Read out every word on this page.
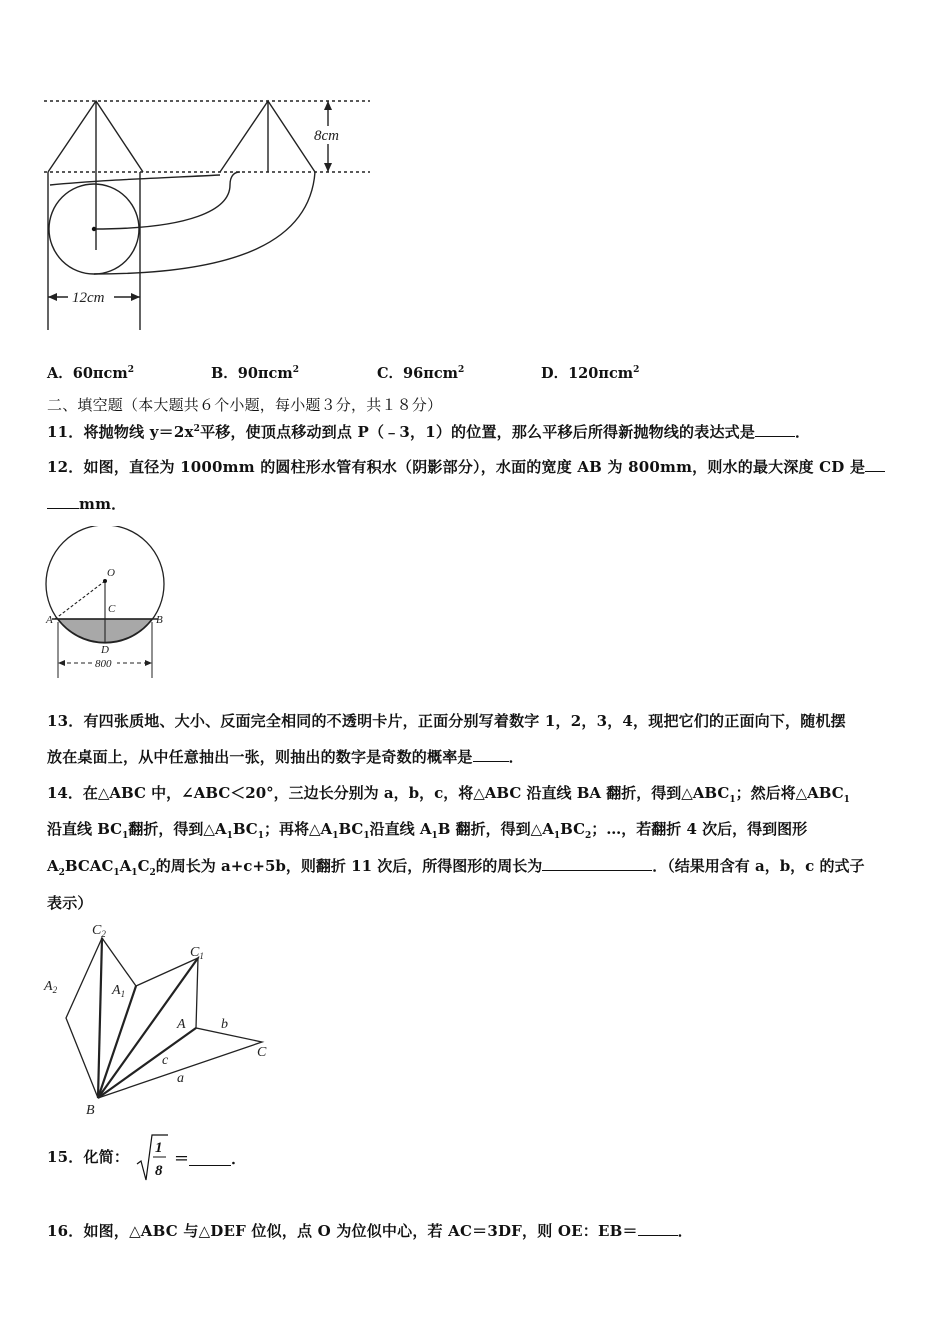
8cm
12cm
A．60πcm$^2$	B．90πcm$^2$	C．96πcm$^2$	D．120πcm$^2$
二、填空题（本大题共６个小题，每小题３分，共１８分）
11．将抛物线 $y=2x^2$平移，使顶点移动到点 P（﹣3，1）的位置，那么平移后所得新抛物线的表达式是	．
12．如图，直径为 1000mm 的圆柱形水管有积水（阴影部分），水面的宽度 AB 为 800mm，则水的最大深度 CD 是
mm．
800
O
C
A	B
D
13．有四张质地、大小、反面完全相同的不透明卡片，正面分别写着数字 1，2，3，4，现把它们的正面向下，随机摆
放在桌面上，从中任意抽出一张，则抽出的数字是奇数的概率是 ．
14．在△ABC 中，∠ABC＜20°，三边长分别为 a，b，c，将△ABC 沿直线 BA 翻折，得到$\triangle ABC_1$；然后将$\triangle ABC_1$
沿直线 $BC_1$翻折，得到$\triangle A_1BC_1$；再将$\triangle A_1BC_1$沿直线 $A_1B$ 翻折，得到$\triangle A_1BC_2$；…，若翻折 4 次后，得到图形
$A_2BCAC_1A_1C_2$的周长为 a+c+5b，则翻折 11 次后，所得图形的周长为	．（结果用含有 a，b，c 的式子
表示）
$C_2$
$C_1$
$A_2$	$A_1$
A
B
C
a
b
c
15．化简： 1
8
＝	．
16．如图，△ABC 与△DEF 位似，点 O 为位似中心，若 AC＝3DF，则 OE：EB＝	．
